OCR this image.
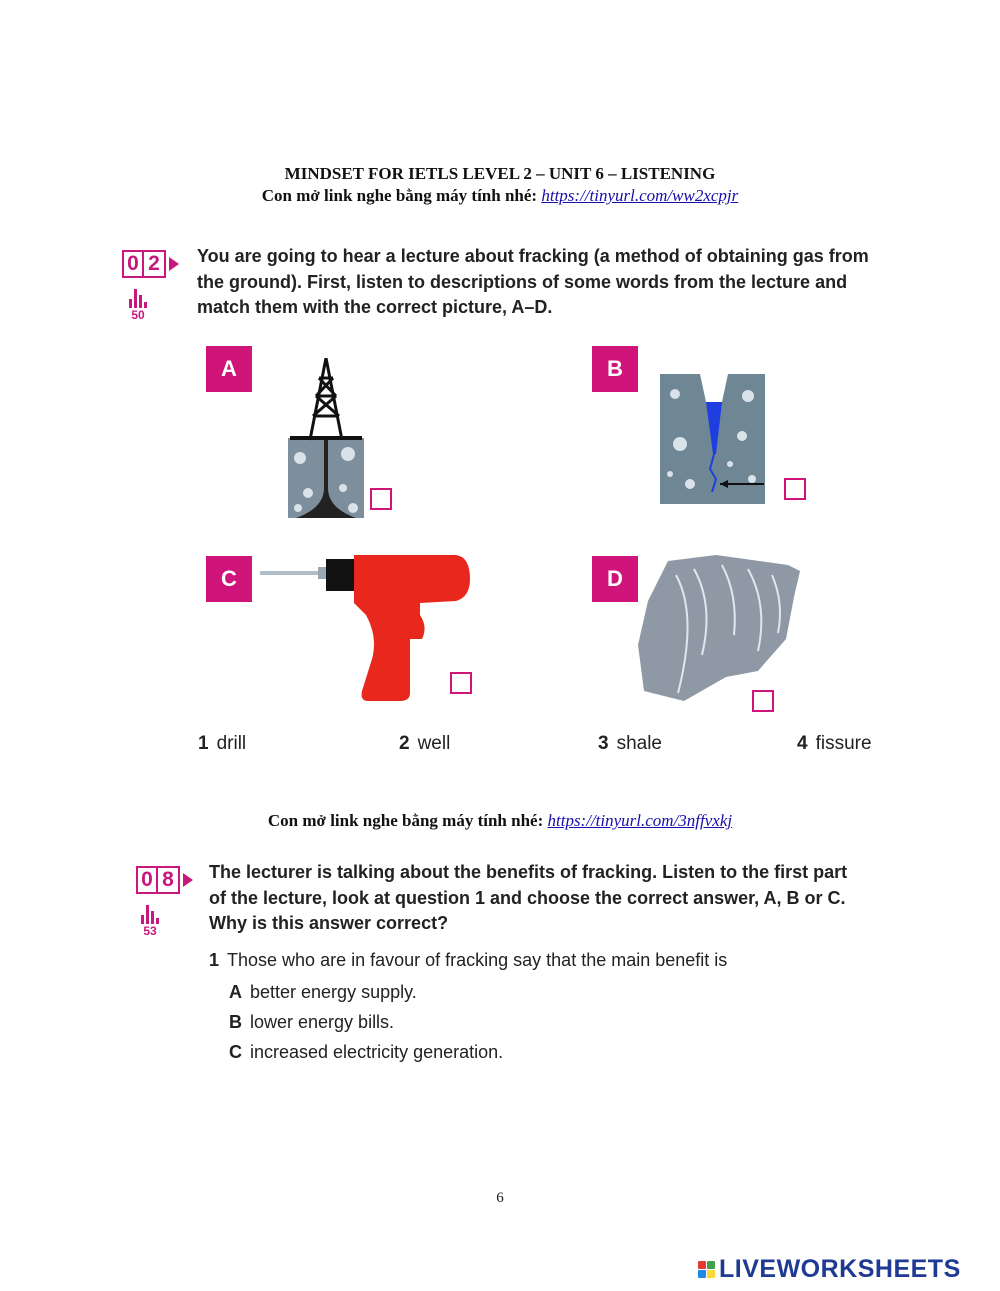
MINDSET FOR IETLS LEVEL 2 – UNIT 6 – LISTENING
Con mở link nghe bằng máy tính nhé: https://tinyurl.com/ww2xcpjr
0 2
50
You are going to hear a lecture about fracking (a method of obtaining gas from
the ground). First, listen to descriptions of some words from the lecture and
match them with the correct picture, A–D.
A	B
C	D
1 drill	2 well	3 shale	4 fissure
Con mở link nghe bằng máy tính nhé: https://tinyurl.com/3nffvxkj
0 8
53
The lecturer is talking about the benefits of fracking. Listen to the first part
of the lecture, look at question 1 and choose the correct answer, A, B or C.
Why is this answer correct?
1 Those who are in favour of fracking say that the main benefit is
A better energy supply.
B lower energy bills.
C increased electricity generation.
6
LIVEWORKSHEETS
